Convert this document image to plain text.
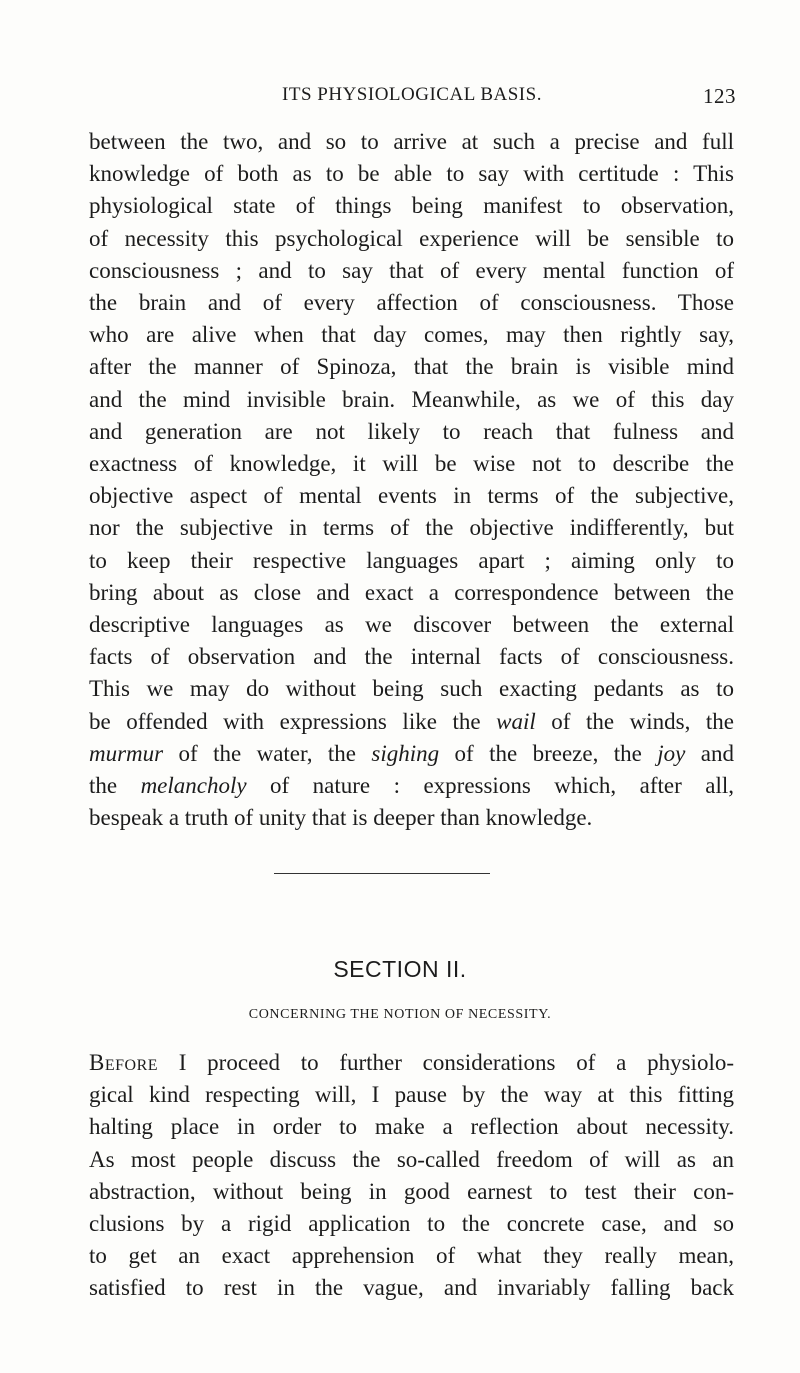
ITS PHYSIOLOGICAL BASIS.	123
between the two, and so to arrive at such a precise and full
knowledge of both as to be able to say with certitude : This
physiological state of things being manifest to observation,
of necessity this psychological experience will be sensible to
consciousness ; and to say that of every mental function of
the brain and of every affection of consciousness. Those
who are alive when that day comes, may then rightly say,
after the manner of Spinoza, that the brain is visible mind
and the mind invisible brain. Meanwhile, as we of this day
and generation are not likely to reach that fulness and
exactness of knowledge, it will be wise not to describe the
objective aspect of mental events in terms of the subjective,
nor the subjective in terms of the objective indifferently, but
to keep their respective languages apart ; aiming only to
bring about as close and exact a correspondence between the
descriptive languages as we discover between the external
facts of observation and the internal facts of consciousness.
This we may do without being such exacting pedants as to
be offended with expressions like the wail of the winds, the
murmur of the water, the sighing of the breeze, the joy and
the melancholy of nature : expressions which, after all,
bespeak a truth of unity that is deeper than knowledge.
SECTION II.
CONCERNING THE NOTION OF NECESSITY.
Before I proceed to further considerations of a physiolo-
gical kind respecting will, I pause by the way at this fitting
halting place in order to make a reflection about necessity.
As most people discuss the so-called freedom of will as an
abstraction, without being in good earnest to test their con-
clusions by a rigid application to the concrete case, and so
to get an exact apprehension of what they really mean,
satisfied to rest in the vague, and invariably falling back
